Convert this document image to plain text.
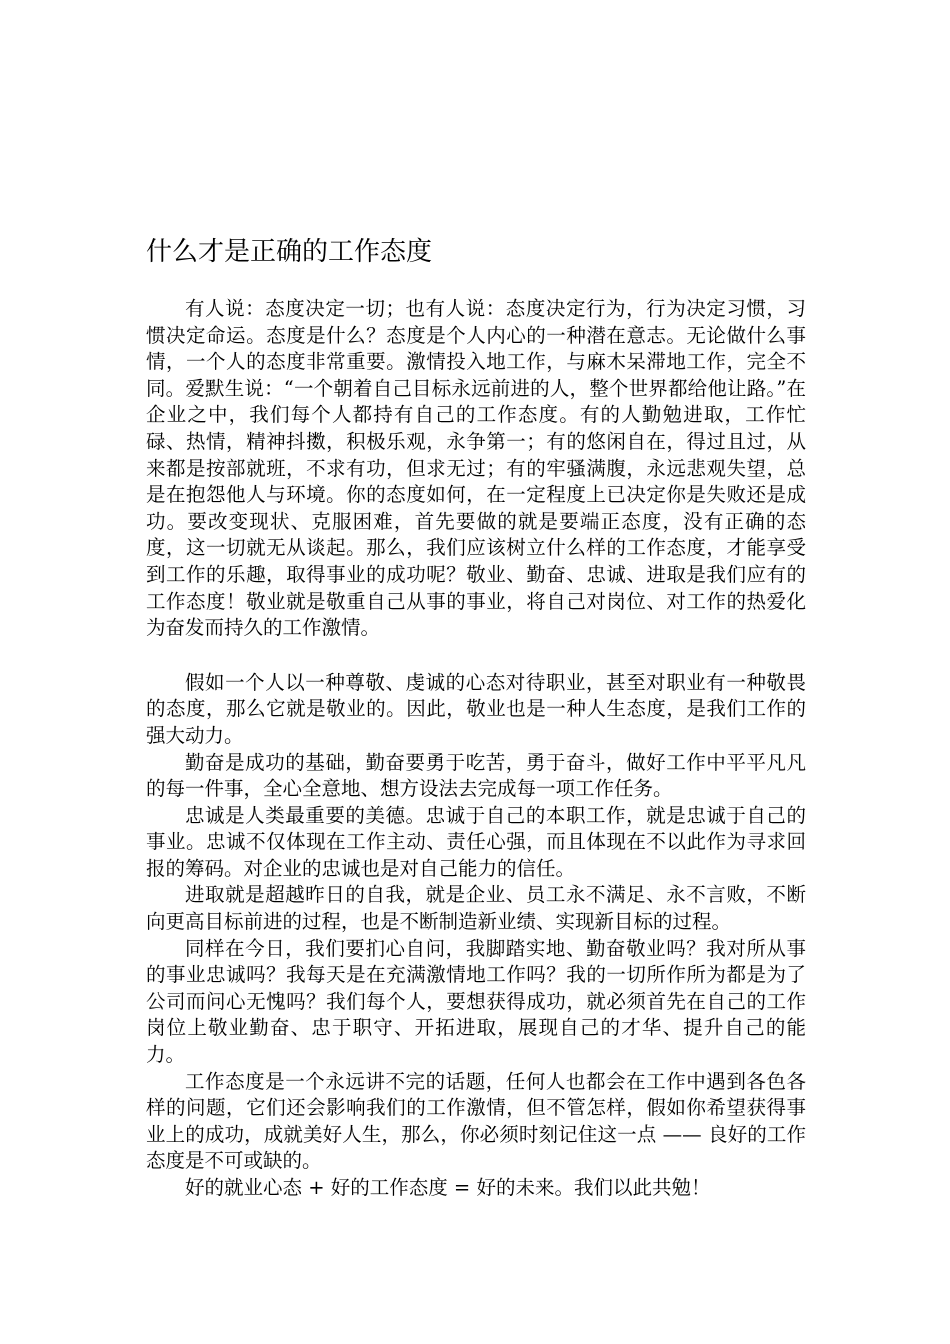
什么才是正确的工作态度

有人说：态度决定一切；也有人说：态度决定行为，行为决定习惯，习惯决定命运。态度是什么？态度是个人内心的一种潜在意志。无论做什么事情，一个人的态度非常重要。激情投入地工作，与麻木呆滞地工作，完全不同。爱默生说：“一个朝着自己目标永远前进的人，整个世界都给他让路。”在企业之中，我们每个人都持有自己的工作态度。有的人勤勉进取，工作忙碌、热情，精神抖擞，积极乐观，永争第一；有的悠闲自在，得过且过，从来都是按部就班，不求有功，但求无过；有的牢骚满腹，永远悲观失望，总是在抱怨他人与环境。你的态度如何，在一定程度上已决定你是失败还是成功。要改变现状、克服困难，首先要做的就是要端正态度，没有正确的态度，这一切就无从谈起。那么，我们应该树立什么样的工作态度，才能享受到工作的乐趣，取得事业的成功呢？敬业、勤奋、忠诚、进取是我们应有的工作态度！敬业就是敬重自己从事的事业，将自己对岗位、对工作的热爱化为奋发而持久的工作激情。

假如一个人以一种尊敬、虔诚的心态对待职业，甚至对职业有一种敬畏的态度，那么它就是敬业的。因此，敬业也是一种人生态度，是我们工作的强大动力。

勤奋是成功的基础，勤奋要勇于吃苦，勇于奋斗，做好工作中平平凡凡的每一件事，全心全意地、想方设法去完成每一项工作任务。

忠诚是人类最重要的美德。忠诚于自己的本职工作，就是忠诚于自己的事业。忠诚不仅体现在工作主动、责任心强，而且体现在不以此作为寻求回报的筹码。对企业的忠诚也是对自己能力的信任。

进取就是超越昨日的自我，就是企业、员工永不满足、永不言败，不断向更高目标前进的过程，也是不断制造新业绩、实现新目标的过程。

同样在今日，我们要扪心自问，我脚踏实地、勤奋敬业吗？我对所从事的事业忠诚吗？我每天是在充满激情地工作吗？我的一切所作所为都是为了公司而问心无愧吗？我们每个人，要想获得成功，就必须首先在自己的工作岗位上敬业勤奋、忠于职守、开拓进取，展现自己的才华、提升自己的能力。

工作态度是一个永远讲不完的话题，任何人也都会在工作中遇到各色各样的问题，它们还会影响我们的工作激情，但不管怎样，假如你希望获得事业上的成功，成就美好人生，那么，你必须时刻记住这一点 —— 良好的工作态度是不可或缺的。

好的就业心态 + 好的工作态度 = 好的未来。我们以此共勉！
